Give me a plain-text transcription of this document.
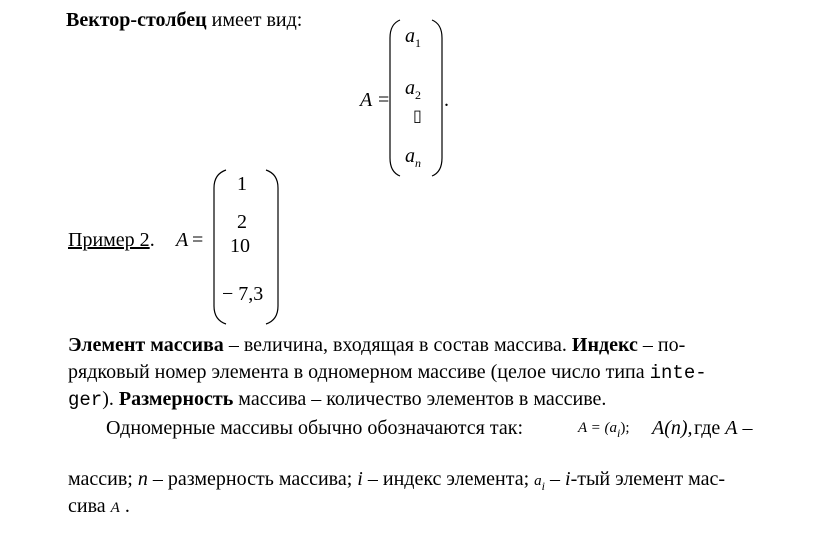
Вектор-столбец имеет вид:
A =
$a_1$
$a_2$
▯
$a_n$
.
Пример 2. A =
1
2
10
− 7,3
Элемент массива – величина, входящая в состав массива. Индекс – по-
рядковый номер элемента в одномерном массиве (целое число типа inte-
ger). Размерность массива – количество элементов в массиве.
Одномерные массивы обычно обозначаются так:	$A = (a_i)$; A(n), где A –
массив; n – размерность массива; i – индекс элемента; $a_i - i-тый$ элемент мас-
сива A .
